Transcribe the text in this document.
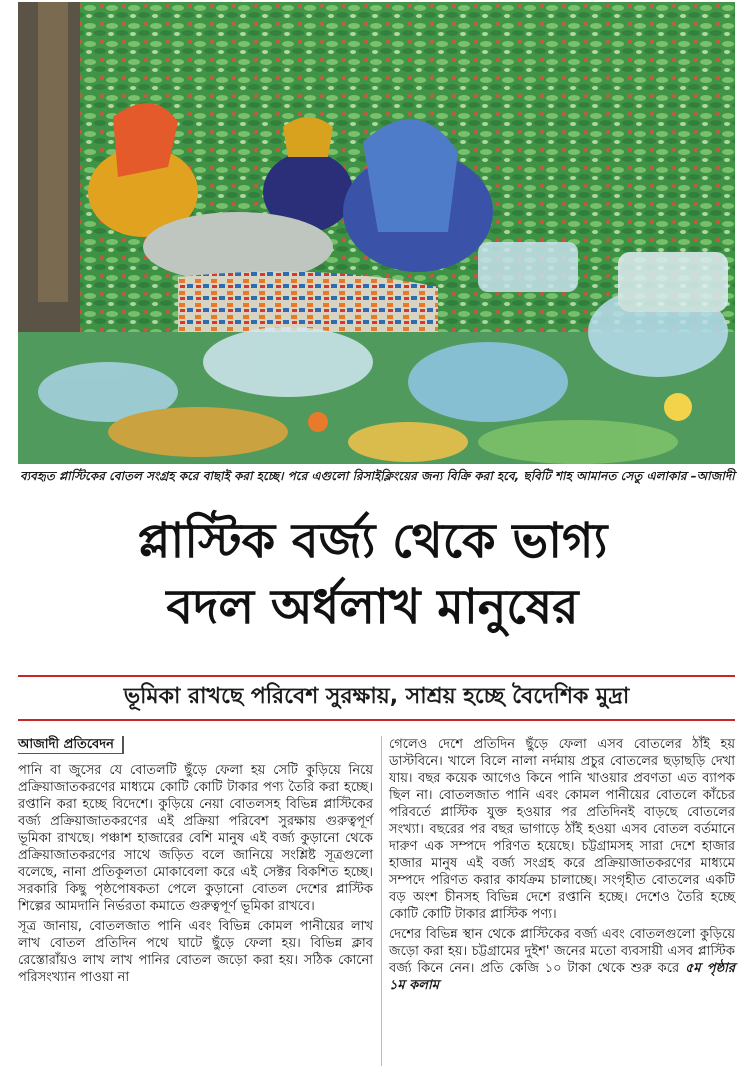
ব্যবহৃত প্লাস্টিকের বোতল সংগ্রহ করে বাছাই করা হচ্ছে। পরে এগুলো রিসাইক্লিংয়ের জন্য বিক্রি করা হবে, ছবিটি শাহ আমানত সেতু এলাকার –আজাদী
প্লাস্টিক বর্জ্য থেকে ভাগ্য
বদল অর্ধলাখ মানুষের
ভূমিকা রাখছে পরিবেশ সুরক্ষায়, সাশ্রয় হচ্ছে বৈদেশিক মুদ্রা
আজাদী প্রতিবেদন

পানি বা জুসের যে বোতলটি ছুঁড়ে ফেলা হয় সেটি কুড়িয়ে নিয়ে প্রক্রিয়াজাতকরণের মাধ্যমে কোটি কোটি টাকার পণ্য তৈরি করা হচ্ছে। রপ্তানি করা হচ্ছে বিদেশে। কুড়িয়ে নেয়া বোতলসহ বিভিন্ন প্লাস্টিকের বর্জ্য প্রক্রিয়াজাতকরণের এই প্রক্রিয়া পরিবেশ সুরক্ষায় গুরুত্বপূর্ণ ভূমিকা রাখছে। পঞ্চাশ হাজারের বেশি মানুষ এই বর্জ্য কুড়ানো থেকে প্রক্রিয়াজাতকরণের সাথে জড়িত বলে জানিয়ে সংশ্লিষ্ট সূত্রগুলো বলেছে, নানা প্রতিকূলতা মোকাবেলা করে এই সেক্টর বিকশিত হচ্ছে। সরকারি কিছু পৃষ্ঠপোষকতা পেলে কুড়ানো বোতল দেশের প্লাস্টিক শিল্পের আমদানি নির্ভরতা কমাতে গুরুত্বপূর্ণ ভূমিকা রাখবে।

সূত্র জানায়, বোতলজাত পানি এবং বিভিন্ন কোমল পানীয়ের লাখ লাখ বোতল প্রতিদিন পথে ঘাটে ছুঁড়ে ফেলা হয়। বিভিন্ন ক্লাব রেস্তোরাঁয়ও লাখ লাখ পানির বোতল জড়ো করা হয়। সঠিক কোনো পরিসংখ্যান পাওয়া না

গেলেও দেশে প্রতিদিন ছুঁড়ে ফেলা এসব বোতলের ঠাঁই হয় ডাস্টবিনে। খালে বিলে নালা নর্দমায় প্রচুর বোতলের ছড়াছড়ি দেখা যায়। বছর কয়েক আগেও কিনে পানি খাওয়ার প্রবণতা এত ব্যাপক ছিল না। বোতলজাত পানি এবং কোমল পানীয়ের বোতলে কাঁচের পরিবর্তে প্লাস্টিক যুক্ত হওয়ার পর প্রতিদিনই বাড়ছে বোতলের সংখ্যা। বছরের পর বছর ভাগাড়ে ঠাঁই হওয়া এসব বোতল বর্তমানে দারুণ এক সম্পদে পরিণত হয়েছে। চট্টগ্রামসহ সারা দেশে হাজার হাজার মানুষ এই বর্জ্য সংগ্রহ করে প্রক্রিয়াজাতকরণের মাধ্যমে সম্পদে পরিণত করার কার্যক্রম চালাচ্ছে। সংগৃহীত বোতলের একটি বড় অংশ চীনসহ বিভিন্ন দেশে রপ্তানি হচ্ছে। দেশেও তৈরি হচ্ছে কোটি কোটি টাকার প্লাস্টিক পণ্য।

দেশের বিভিন্ন স্থান থেকে প্লাস্টিকের বর্জ্য এবং বোতলগুলো কুড়িয়ে জড়ো করা হয়। চট্টগ্রামের দুইশ' জনের মতো ব্যবসায়ী এসব প্লাস্টিক বর্জ্য কিনে নেন। প্রতি কেজি ১০ টাকা থেকে শুরু করে ৫ম পৃষ্ঠার ১ম কলাম
